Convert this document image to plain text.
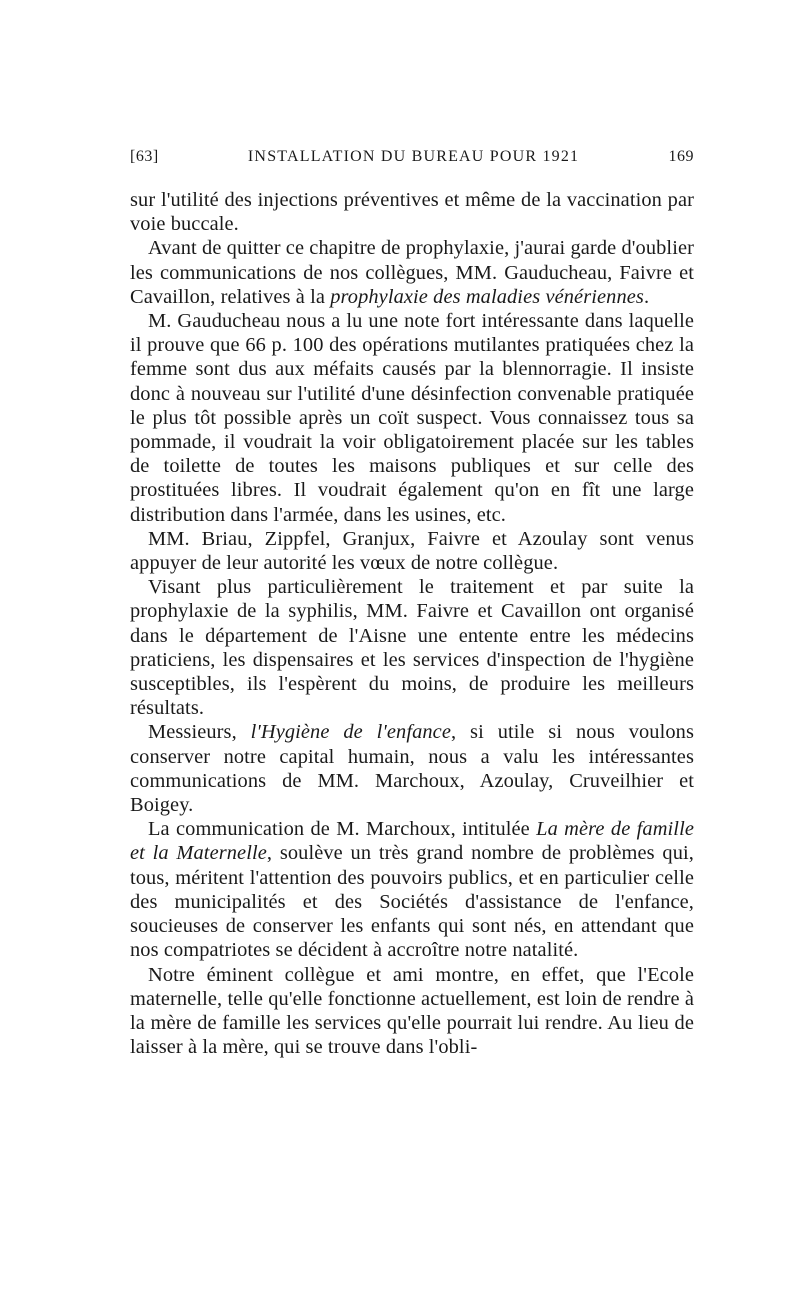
[63]	INSTALLATION DU BUREAU POUR 1921	169

sur l'utilité des injections préventives et même de la vaccination par voie buccale.

Avant de quitter ce chapitre de prophylaxie, j'aurai garde d'oublier les communications de nos collègues, MM. Gauducheau, Faivre et Cavaillon, relatives à la prophylaxie des maladies vénériennes.

M. Gauducheau nous a lu une note fort intéressante dans laquelle il prouve que 66 p. 100 des opérations mutilantes pratiquées chez la femme sont dus aux méfaits causés par la blennorragie. Il insiste donc à nouveau sur l'utilité d'une désinfection convenable pratiquée le plus tôt possible après un coït suspect. Vous connaissez tous sa pommade, il voudrait la voir obligatoirement placée sur les tables de toilette de toutes les maisons publiques et sur celle des prostituées libres. Il voudrait également qu'on en fît une large distribution dans l'armée, dans les usines, etc.

MM. Briau, Zippfel, Granjux, Faivre et Azoulay sont venus appuyer de leur autorité les vœux de notre collègue.

Visant plus particulièrement le traitement et par suite la prophylaxie de la syphilis, MM. Faivre et Cavaillon ont organisé dans le département de l'Aisne une entente entre les médecins praticiens, les dispensaires et les services d'inspection de l'hygiène susceptibles, ils l'espèrent du moins, de produire les meilleurs résultats.

Messieurs, l'Hygiène de l'enfance, si utile si nous voulons conserver notre capital humain, nous a valu les intéressantes communications de MM. Marchoux, Azoulay, Cruveilhier et Boigey.

La communication de M. Marchoux, intitulée La mère de famille et la Maternelle, soulève un très grand nombre de problèmes qui, tous, méritent l'attention des pouvoirs publics, et en particulier celle des municipalités et des Sociétés d'assistance de l'enfance, soucieuses de conserver les enfants qui sont nés, en attendant que nos compatriotes se décident à accroître notre natalité.

Notre éminent collègue et ami montre, en effet, que l'Ecole maternelle, telle qu'elle fonctionne actuellement, est loin de rendre à la mère de famille les services qu'elle pourrait lui rendre. Au lieu de laisser à la mère, qui se trouve dans l'obli-
